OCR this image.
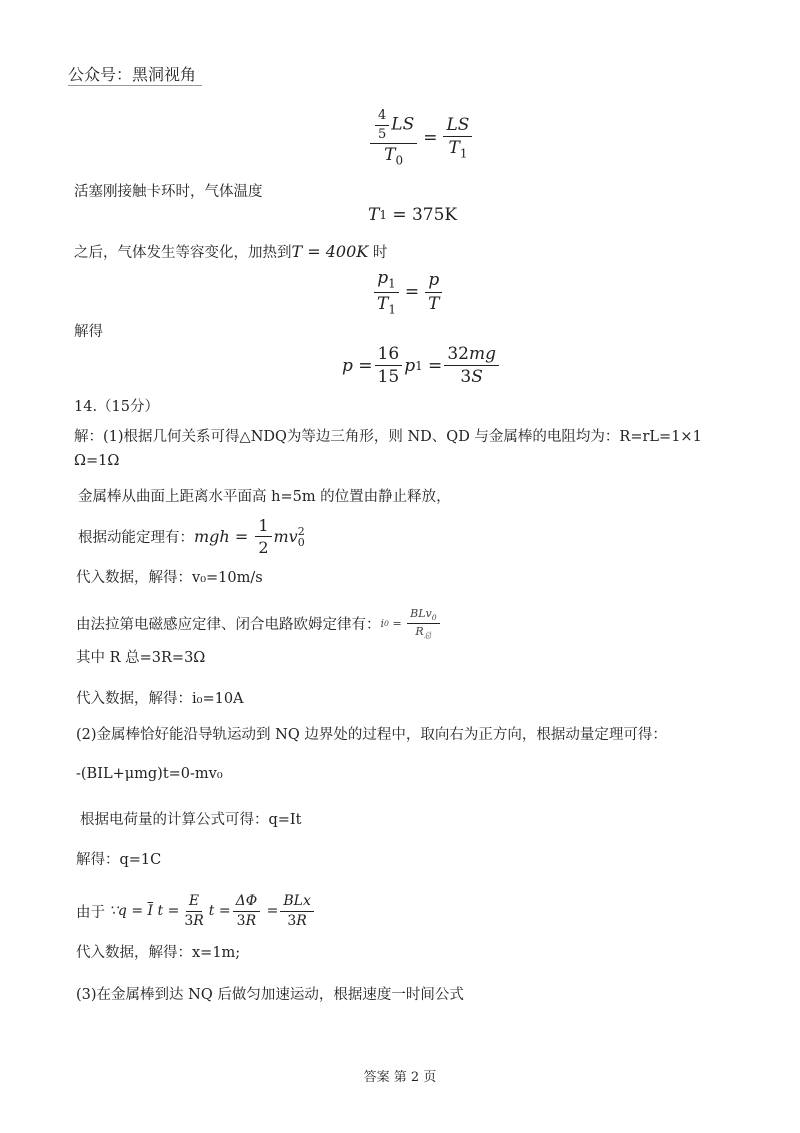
公众号：黑洞视角
$\frac{\frac{4}{5} LS}{T_0} = \frac{LS}{T_1}$
活塞刚接触卡环时，气体温度
T 1 = 375K
之后，气体发生等容变化，加热到T = 400K 时
$\frac{p_1}{T_1} = \frac{p}{T}$
解得
$p = \frac{16}{15}$ p $1 = \frac{32mg}{3S}$
14.（15分）
解：(1)根据几何关系可得△NDQ为等边三角形，则 ND、QD 与金属棒的电阻均为：R=rL=1×1
Ω=1Ω
金属棒从曲面上距离水平面高 h=5m 的位置由静止释放，
根据动能定理有： mgh =
$\frac{1}{2}$ mv 2
0
代入数据，解得：v₀=10m/s
由法拉第电磁感应定律、闭合电路欧姆定律有： i 0
=
$\frac{BLv_0}{R_总}$
其中 R 总=3R=3Ω
代入数据，解得：i₀=10A
(2)金属棒恰好能沿导轨运动到 NQ 边界处的过程中，取向右为正方向，根据动量定理可得：
-(BIL+μmg)t=0-mv₀
根据电荷量的计算公式可得：q=It
解得：q=1C
由于 ∵q =
$\overline{I}$ $t = \frac{E}{3R}$ $t = \frac{\Delta\Phi}{3R}$
= $\frac{\text{BLx}}{3R}$
代入数据，解得：x=1m;
(3)在金属棒到达 NQ 后做匀加速运动，根据速度一时间公式
答案 第 2 页
